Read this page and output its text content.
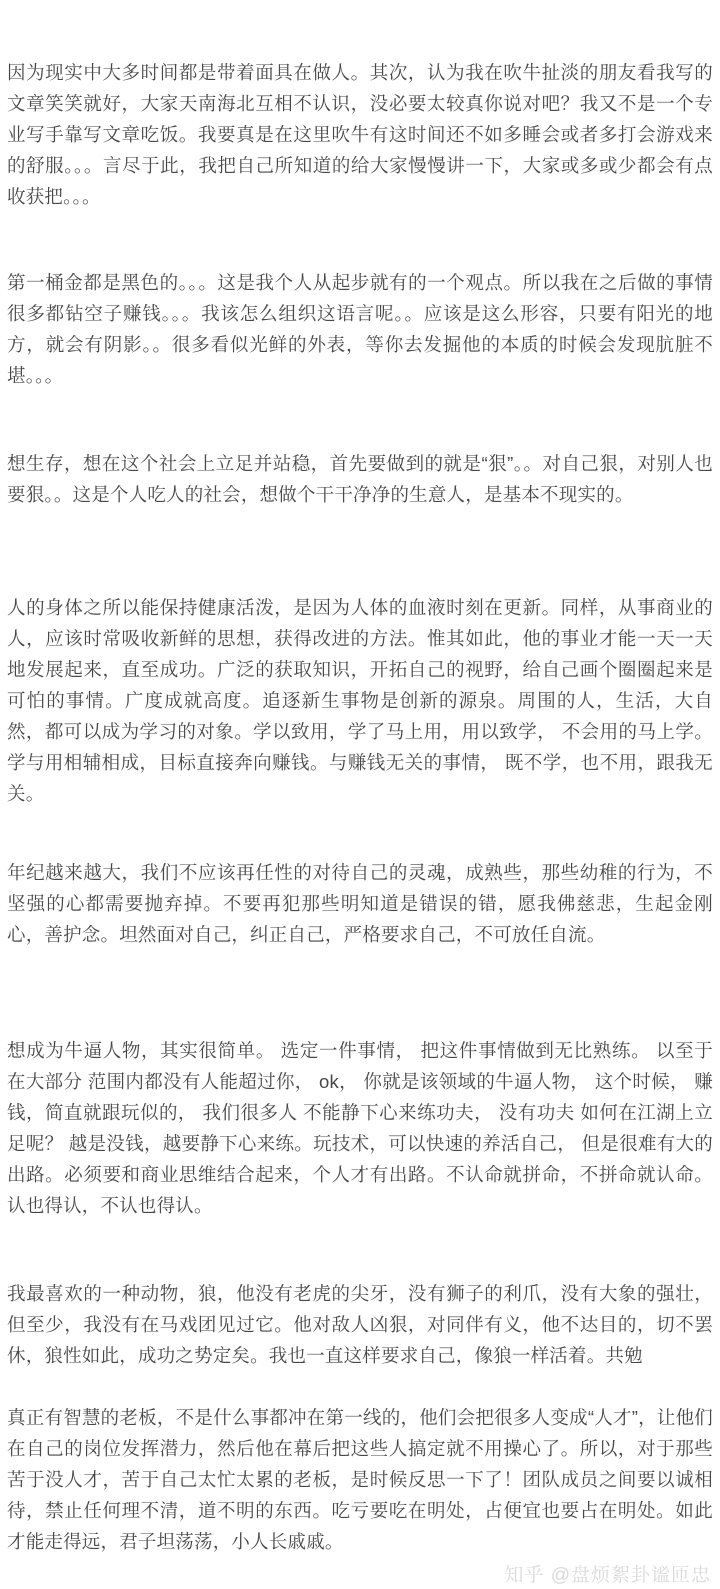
因为现实中大多时间都是带着面具在做人。其次，认为我在吹牛扯淡的朋友看我写的文章笑笑就好，大家天南海北互相不认识，没必要太较真你说对吧？我又不是一个专业写手靠写文章吃饭。我要真是在这里吹牛有这时间还不如多睡会或者多打会游戏来的舒服。。。言尽于此，我把自己所知道的给大家慢慢讲一下，大家或多或少都会有点收获把。。。

第一桶金都是黑色的。。。这是我个人从起步就有的一个观点。所以我在之后做的事情很多都钻空子赚钱。。。我该怎么组织这语言呢。。应该是这么形容，只要有阳光的地方，就会有阴影。。很多看似光鲜的外表，等你去发掘他的本质的时候会发现肮脏不堪。。。

想生存，想在这个社会上立足并站稳，首先要做到的就是“狠”。。对自己狠，对别人也要狠。。这是个人吃人的社会，想做个干干净净的生意人，是基本不现实的。

人的身体之所以能保持健康活泼，是因为人体的血液时刻在更新。同样，从事商业的人，应该时常吸收新鲜的思想，获得改进的方法。惟其如此，他的事业才能一天一天地发展起来，直至成功。广泛的获取知识，开拓自己的视野，给自己画个圈圈起来是可怕的事情。广度成就高度。追逐新生事物是创新的源泉。周围的人，生活，大自然，都可以成为学习的对象。学以致用，学了马上用，用以致学， 不会用的马上学。 学与用相辅相成，目标直接奔向赚钱。与赚钱无关的事情， 既不学，也不用，跟我无关。

年纪越来越大，我们不应该再任性的对待自己的灵魂，成熟些，那些幼稚的行为，不坚强的心都需要抛弃掉。不要再犯那些明知道是错误的错，愿我佛慈悲，生起金刚心，善护念。坦然面对自己，纠正自己，严格要求自己，不可放任自流。

想成为牛逼人物，其实很简单。 选定一件事情， 把这件事情做到无比熟练。 以至于在大部分 范围内都没有人能超过你， ok， 你就是该领域的牛逼人物， 这个时候， 赚钱，简直就跟玩似的， 我们很多人 不能静下心来练功夫， 没有功夫 如何在江湖上立足呢？ 越是没钱，越要静下心来练。玩技术，可以快速的养活自己， 但是很难有大的出路。必须要和商业思维结合起来，个人才有出路。不认命就拼命，不拼命就认命。 认也得认，不认也得认。

我最喜欢的一种动物，狼，他没有老虎的尖牙，没有狮子的利爪，没有大象的强壮，但至少，我没有在马戏团见过它。他对敌人凶狠，对同伴有义，他不达目的，切不罢休，狼性如此，成功之势定矣。我也一直这样要求自己，像狼一样活着。共勉

真正有智慧的老板，不是什么事都冲在第一线的，他们会把很多人变成“人才”，让他们在自己的岗位发挥潜力，然后他在幕后把这些人搞定就不用操心了。所以，对于那些苦于没人才，苦于自己太忙太累的老板，是时候反思一下了！团队成员之间要以诚相待，禁止任何理不清，道不明的东西。吃亏要吃在明处，占便宜也要占在明处。如此才能走得远，君子坦荡荡，小人长戚戚。

知乎 @盘烦絮卦谧匝忠
